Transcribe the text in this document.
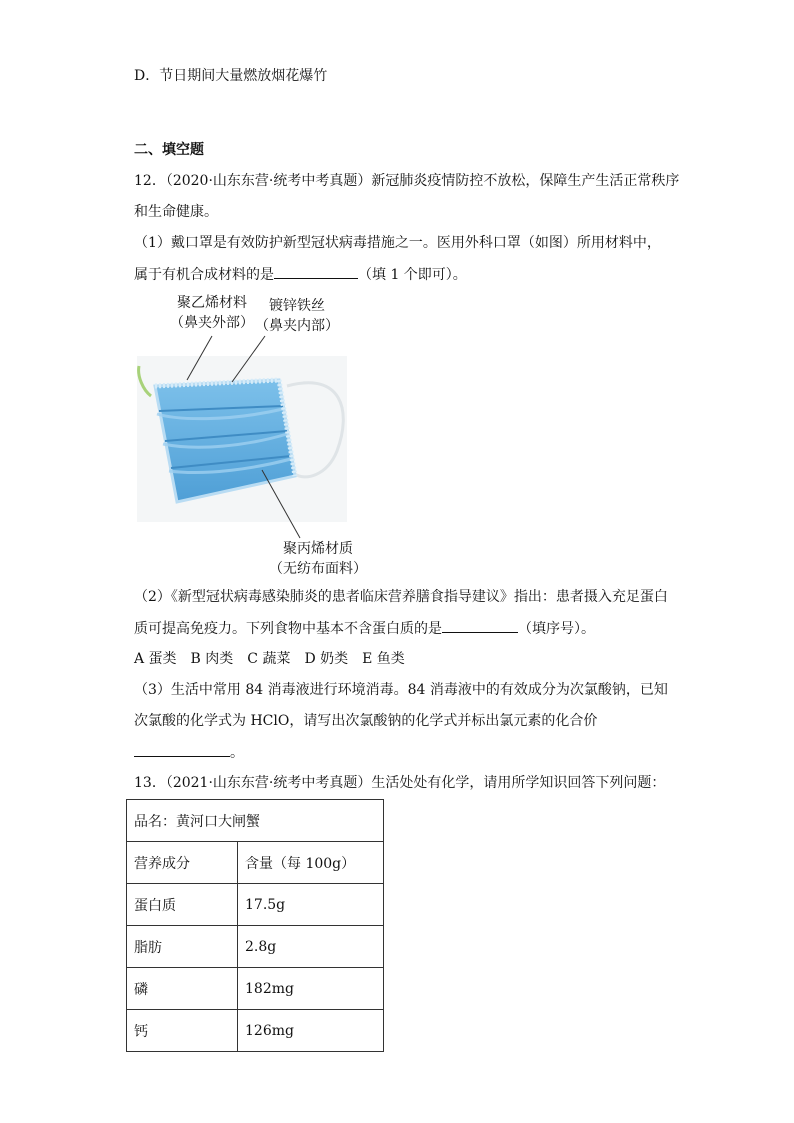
D．节日期间大量燃放烟花爆竹
二、填空题
12．（2020·山东东营·统考中考真题）新冠肺炎疫情防控不放松，保障生产生活正常秩序
和生命健康。
（1）戴口罩是有效防护新型冠状病毒措施之一。医用外科口罩（如图）所用材料中，
属于有机合成材料的是	（填 1 个即可）。
聚乙烯材料
（鼻夹外部）
镀锌铁丝
（鼻夹内部）
聚丙烯材质
（无纺布面料）
（2）《新型冠状病毒感染肺炎的患者临床营养膳食指导建议》指出：患者摄入充足蛋白
质可提高免疫力。下列食物中基本不含蛋白质的是	（填序号）。
A 蛋类　B 肉类　C 蔬菜　D 奶类　E 鱼类
（3）生活中常用 84 消毒液进行环境消毒。84 消毒液中的有效成分为次氯酸钠，已知
次氯酸的化学式为 HClO，请写出次氯酸钠的化学式并标出氯元素的化合价
。
13．（2021·山东东营·统考中考真题）生活处处有化学，请用所学知识回答下列问题：
品名：黄河口大闸蟹	
营养成分	含量（每 100g）
蛋白质	17.5g
脂肪	2.8g
磷	182mg
钙	126mg
